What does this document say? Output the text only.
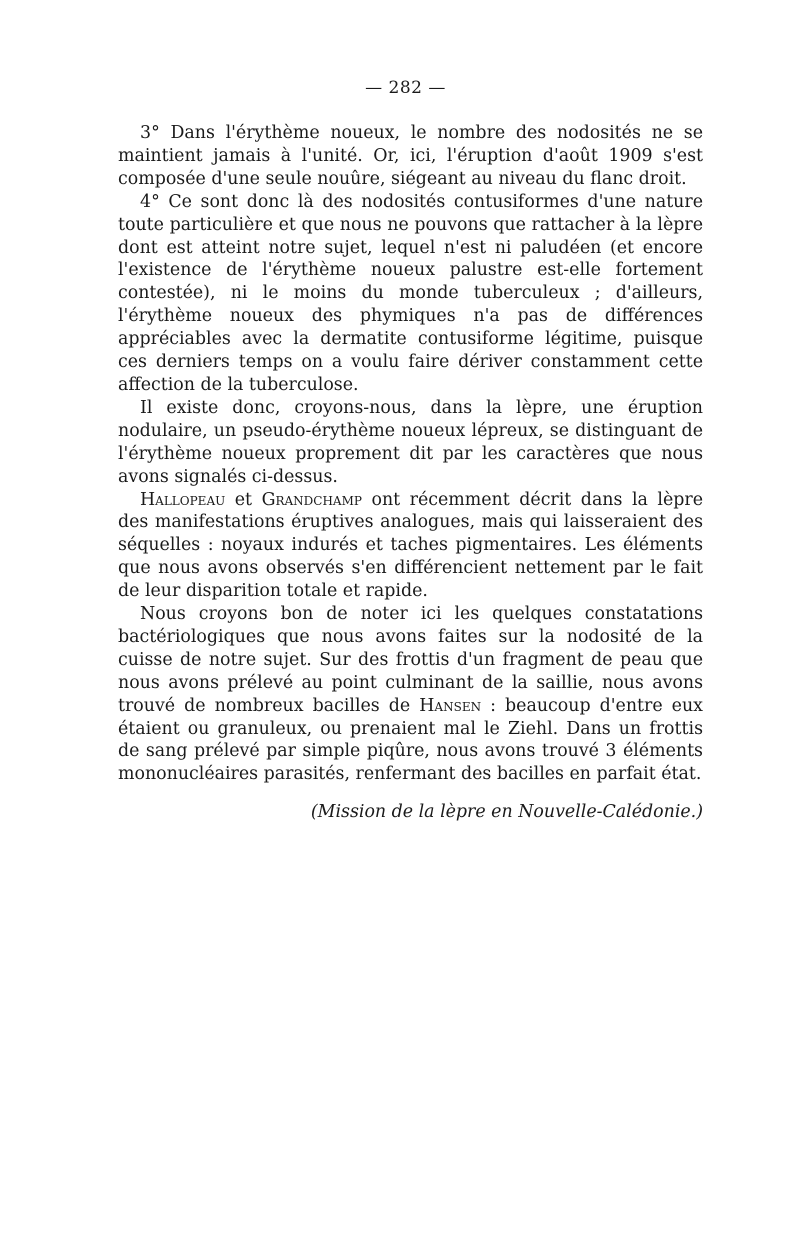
— 282 —

3° Dans l'érythème noueux, le nombre des nodosités ne se maintient jamais à l'unité. Or, ici, l'éruption d'août 1909 s'est composée d'une seule nouûre, siégeant au niveau du flanc droit.

4° Ce sont donc là des nodosités contusiformes d'une nature toute particulière et que nous ne pouvons que rattacher à la lèpre dont est atteint notre sujet, lequel n'est ni paludéen (et encore l'existence de l'érythème noueux palustre est-elle fortement contestée), ni le moins du monde tuberculeux ; d'ailleurs, l'érythème noueux des phymiques n'a pas de différences appréciables avec la dermatite contusiforme légitime, puisque ces derniers temps on a voulu faire dériver constamment cette affection de la tuberculose.

Il existe donc, croyons-nous, dans la lèpre, une éruption nodulaire, un pseudo-érythème noueux lépreux, se distinguant de l'érythème noueux proprement dit par les caractères que nous avons signalés ci-dessus.

Hallopeau et Grandchamp ont récemment décrit dans la lèpre des manifestations éruptives analogues, mais qui laisseraient des séquelles : noyaux indurés et taches pigmentaires. Les éléments que nous avons observés s'en différencient nettement par le fait de leur disparition totale et rapide.

Nous croyons bon de noter ici les quelques constatations bactériologiques que nous avons faites sur la nodosité de la cuisse de notre sujet. Sur des frottis d'un fragment de peau que nous avons prélevé au point culminant de la saillie, nous avons trouvé de nombreux bacilles de Hansen : beaucoup d'entre eux étaient ou granuleux, ou prenaient mal le Ziehl. Dans un frottis de sang prélevé par simple piqûre, nous avons trouvé 3 éléments mononucléaires parasités, renfermant des bacilles en parfait état.

(Mission de la lèpre en Nouvelle-Calédonie.)
